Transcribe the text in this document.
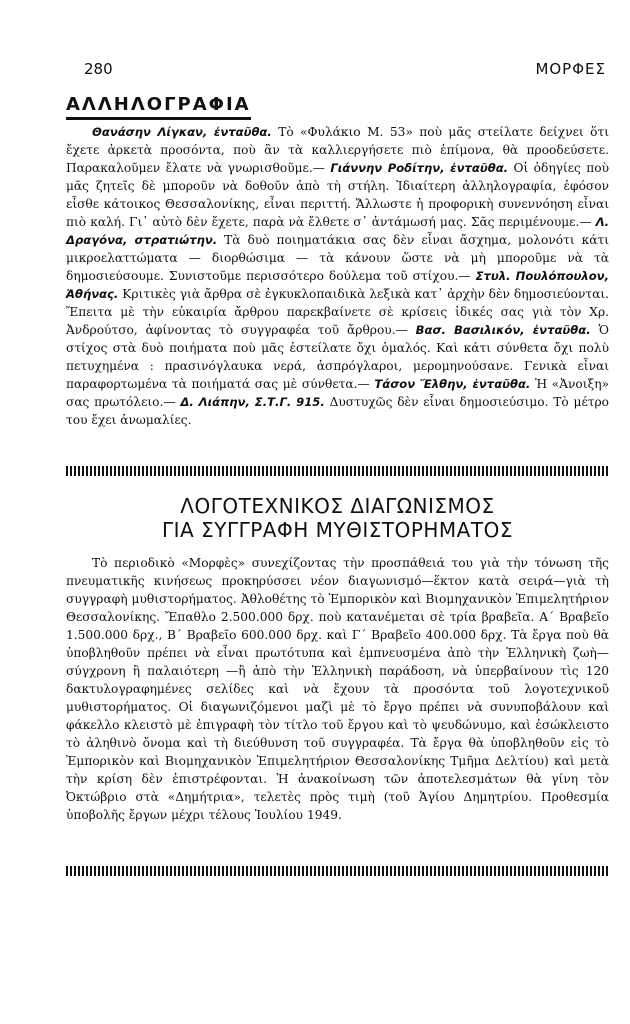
280	ΜΟΡΦΕΣ
ΑΛΛΗΛΟΓΡΑΦΙΑ

Θανάσην Λίγκαν, ἐνταῦθα. Τὸ «Φυλάκιο Μ. 53» ποὺ μᾶς στείλατε δείχνει ὅτι ἔχετε ἀρκετὰ προσόντα, ποὺ ἂν τὰ καλλιεργήσετε πιὸ ἐπίμονα, θὰ προοδεύσετε. Παρακαλοῦμεν ἔλατε νὰ γνωρισθοῦμε.— Γιάννην Ροδίτην, ἐνταῦθα. Οἱ ὁδηγίες ποὺ μᾶς ζητεῖς δὲ μποροῦν νὰ δοθοῦν ἀπὸ τὴ στήλη. Ἰδιαίτερη ἀλληλογραφία, ἐφόσον εἶσθε κάτοικος Θεσσαλονίκης, εἶναι περιττή. Ἄλλωστε ἡ προφορικὴ συνεννόηση εἶναι πιὸ καλή. Γι᾿ αὐτὸ δὲν ἔχετε, παρὰ νὰ ἔλθετε σ᾿ ἀντάμωσή μας. Σᾶς περιμένουμε.— Λ. Δραγόνα, στρατιώτην. Τὰ δυὸ ποιηματάκια σας δὲν εἶναι ἄσχημα, μολονότι κάτι μικροελαττώματα — διορθώσιμα — τὰ κάνουν ὥστε νὰ μὴ μποροῦμε νὰ τὰ δημοσιεύσουμε. Συνιστοῦμε περισσότερο δούλεμα τοῦ στίχου.— Στυλ. Πουλόπουλον, Ἀθήνας. Κριτικὲς γιὰ ἄρθρα σὲ ἐγκυκλοπαιδικὰ λεξικὰ κατ᾿ ἀρχὴν δὲν δημοσιεύονται. Ἔπειτα μὲ τὴν εὐκαιρία ἄρθρου παρεκβαίνετε σὲ κρίσεις ἰδικές σας γιὰ τὸν Χρ. Ἀνδρούτσο, ἀφίνοντας τὸ συγγραφέα τοῦ ἄρθρου.— Βασ. Βασιλικόν, ἐνταῦθα. Ὁ στίχος στὰ δυὸ ποιήματα ποὺ μᾶς ἐστείλατε ὄχι ὁμαλός. Καὶ κάτι σύνθετα ὄχι πολὺ πετυχημένα : πρασινόγλαυκα νερά, ἀσπρόγλαροι, μερομηνούσανε. Γενικὰ εἶναι παραφορτωμένα τὰ ποιήματά σας μὲ σύνθετα.— Τάσον Ἔλθην, ἐνταῦθα. Ἡ «Ἀνοιξη» σας πρωτόλειο.— Δ. Λιάπην, Σ.Τ.Γ. 915. Δυστυχῶς δὲν εἶναι δημοσιεύσιμο. Τὸ μέτρο του ἔχει ἀνωμαλίες.

ΛΟΓΟΤΕΧΝΙΚΟΣ ΔΙΑΓΩΝΙΣΜΟΣ
ΓΙΑ ΣΥΓΓΡΑΦΗ ΜΥΘΙΣΤΟΡΗΜΑΤΟΣ

Τὸ περιοδικὸ «Μορφὲς» συνεχίζοντας τὴν προσπάθειά του γιὰ τὴν τόνωση τῆς πνευματικῆς κινήσεως προκηρύσσει νέον διαγωνισμό—ἕκτον κατὰ σειρά—γιὰ τὴ συγγραφὴ μυθιστορήματος. Ἀθλοθέτης τὸ Ἐμπορικὸν καὶ Βιομηχανικὸν Ἐπιμελητήριον Θεσσαλονίκης. Ἔπαθλο 2.500.000 δρχ. ποὺ κατανέμεται σὲ τρία βραβεῖα. Α΄ Βραβεῖο 1.500.000 δρχ., Β΄ Βραβεῖο 600.000 δρχ. καὶ Γ΄ Βραβεῖο 400.000 δρχ. Τὰ ἔργα ποὺ θὰ ὑποβληθοῦν πρέπει νὰ εἶναι πρωτότυπα καὶ ἐμπνευσμένα ἀπὸ τὴν Ἑλληνικὴ ζωὴ—σύγχρονη ἢ παλαιότερη —ἢ ἀπὸ τὴν Ἑλληνικὴ παράδοση, νὰ ὑπερβαίνουν τὶς 120 δακτυλογραφημένες σελίδες καὶ νὰ ἔχουν τὰ προσόντα τοῦ λογοτεχνικοῦ μυθιστορήματος. Οἱ διαγωνιζόμενοι μαζὶ μὲ τὸ ἔργο πρέπει νὰ συνυποβάλουν καὶ φάκελλο κλειστὸ μὲ ἐπιγραφὴ τὸν τίτλο τοῦ ἔργου καὶ τὸ ψευδώνυμο, καὶ ἐσώκλειστο τὸ ἀληθινὸ ὄνομα καὶ τὴ διεύθυνση τοῦ συγγραφέα. Τὰ ἔργα θὰ ὑποβληθοῦν εἰς τὸ Ἐμπορικὸν καὶ Βιομηχανικὸν Ἐπιμελητήριον Θεσσαλονίκης Τμῆμα Δελτίου) καὶ μετὰ τὴν κρίση δὲν ἐπιστρέφονται. Ἡ ἀνακοίνωση τῶν ἀποτελεσμάτων θὰ γίνη τὸν Ὀκτώβριο στὰ «Δημήτρια», τελετὲς πρὸς τιμὴ (τοῦ Ἁγίου Δημητρίου. Προθεσμία ὑποβολῆς ἔργων μέχρι τέλους Ἰουλίου 1949.
